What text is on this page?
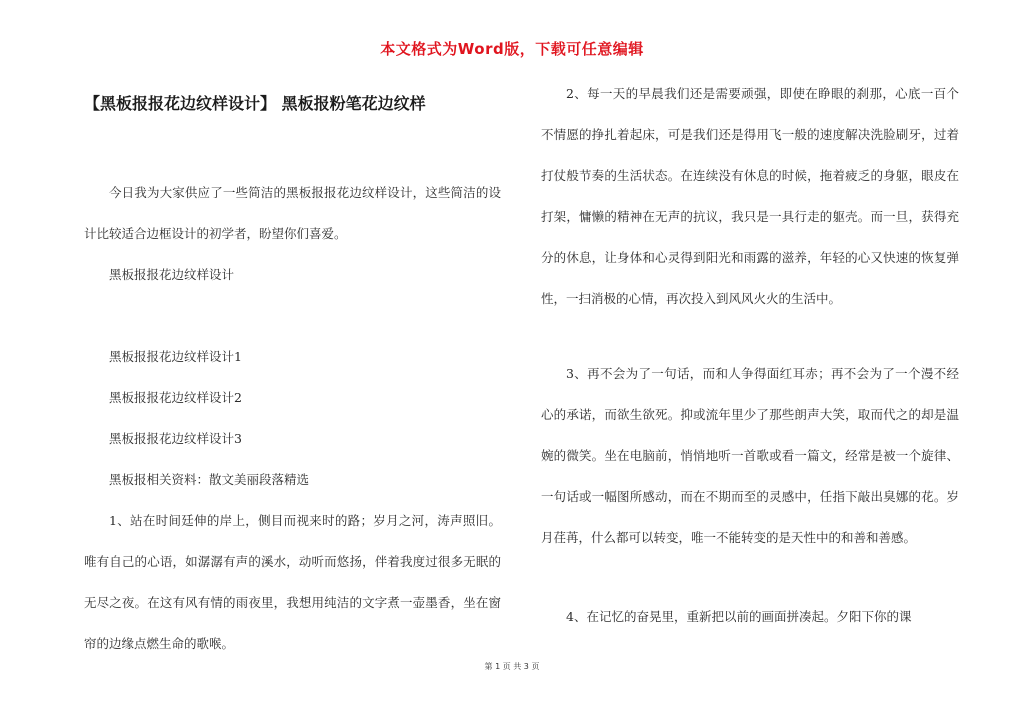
本文格式为Word版，下载可任意编辑
【黑板报报花边纹样设计】 黑板报粉笔花边纹样

今日我为大家供应了一些简洁的黑板报报花边纹样设计，这些简洁的设计比较适合边框设计的初学者，盼望你们喜爱。

黑板报报花边纹样设计

黑板报报花边纹样设计1

黑板报报花边纹样设计2

黑板报报花边纹样设计3

黑板报相关资料：散文美丽段落精选

1、站在时间廷伸的岸上，侧目而视来时的路；岁月之河，涛声照旧。唯有自己的心语，如潺潺有声的溪水，动听而悠扬，伴着我度过很多无眠的无尽之夜。在这有风有情的雨夜里，我想用纯洁的文字煮一壶墨香，坐在窗帘的边缘点燃生命的歌喉。

2、每一天的早晨我们还是需要顽强，即使在睁眼的刹那，心底一百个不情愿的挣扎着起床，可是我们还是得用飞一般的速度解决洗脸刷牙，过着打仗般节奏的生活状态。在连续没有休息的时候，拖着疲乏的身躯，眼皮在打架，慵懒的精神在无声的抗议，我只是一具行走的躯壳。而一旦，获得充分的休息，让身体和心灵得到阳光和雨露的滋养，年轻的心又快速的恢复弹性，一扫消极的心情，再次投入到风风火火的生活中。

3、再不会为了一句话，而和人争得面红耳赤；再不会为了一个漫不经心的承诺，而欲生欲死。抑或流年里少了那些朗声大笑，取而代之的却是温婉的微笑。坐在电脑前，悄悄地听一首歌或看一篇文，经常是被一个旋律、一句话或一幅图所感动，而在不期而至的灵感中，任指下敲出臭娜的花。岁月荏苒，什么都可以转变，唯一不能转变的是天性中的和善和善感。

4、在记忆的奋晃里，重新把以前的画面拼凑起。夕阳下你的课

第 1 页 共 3 页
